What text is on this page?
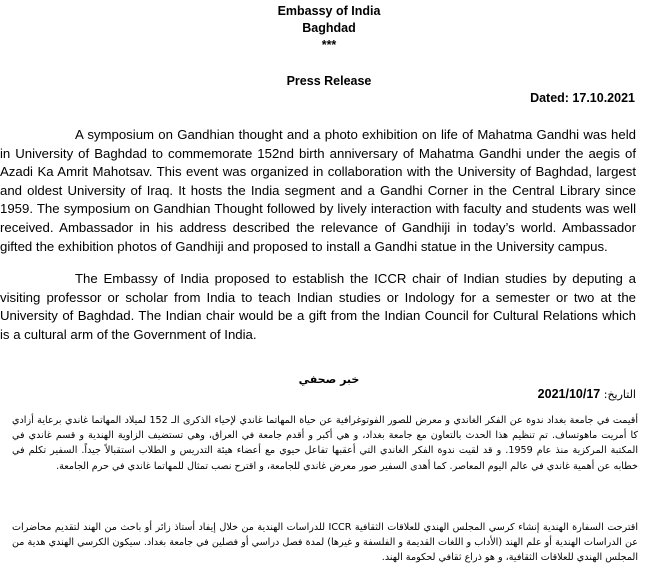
Embassy of India
Baghdad
***
Press Release
Dated: 17.10.2021

A symposium on Gandhian thought and a photo exhibition on life of Mahatma Gandhi was held in University of Baghdad to commemorate 152nd birth anniversary of Mahatma Gandhi under the aegis of Azadi Ka Amrit Mahotsav. This event was organized in collaboration with the University of Baghdad, largest and oldest University of Iraq. It hosts the India segment and a Gandhi Corner in the Central Library since 1959. The symposium on Gandhian Thought followed by lively interaction with faculty and students was well received. Ambassador in his address described the relevance of Gandhiji in today’s world. Ambassador gifted the exhibition photos of Gandhiji and proposed to install a Gandhi statue in the University campus.

The Embassy of India proposed to establish the ICCR chair of Indian studies by deputing a visiting professor or scholar from India to teach Indian studies or Indology for a semester or two at the University of Baghdad. The Indian chair would be a gift from the Indian Council for Cultural Relations which is a cultural arm of the Government of India.

خبر صحفي
التاريخ: 2021/10/17
أقيمت في جامعة بغداد ندوة عن الفكر الغاندي و معرض للصور الفوتوغرافية عن حياة المهاتما غاندي لإحياء الذكرى الـ 152 لميلاد المهاتما غاندي برعاية أزادي كا أمريت ماهوتساف. تم تنظيم هذا الحدث بالتعاون مع جامعة بغداد، و هي أكبر و أقدم جامعة في العراق، وهي تستضيف الزاوية الهندية و قسم غاندي في المكتبة المركزية منذ عام 1959. و قد لقيت ندوة الفكر الغاندي التي أعقبها تفاعل حيوي مع أعضاء هيئة التدريس و الطلاب استقبالاً جيداً. السفير تكلم في خطابه عن أهمية غاندي في عالم اليوم المعاصر. كما أهدى السفير صور معرض غاندي للجامعة، و اقترح نصب تمثال للمهاتما غاندي في حرم الجامعة.
اقترحت السفارة الهندية إنشاء كرسي المجلس الهندي للعلاقات الثقافية ICCR للدراسات الهندية من خلال إيفاد أستاذ زائر أو باحث من الهند لتقديم محاضرات عن الدراسات الهندية أو علم الهند (الأداب و اللغات القديمة و الفلسفة و غيرها) لمدة فصل دراسي أو فصلين في جامعة بغداد. سيكون الكرسي الهندي هدية من المجلس الهندي للعلاقات الثقافية، و هو ذراع ثقافي لحكومة الهند.
